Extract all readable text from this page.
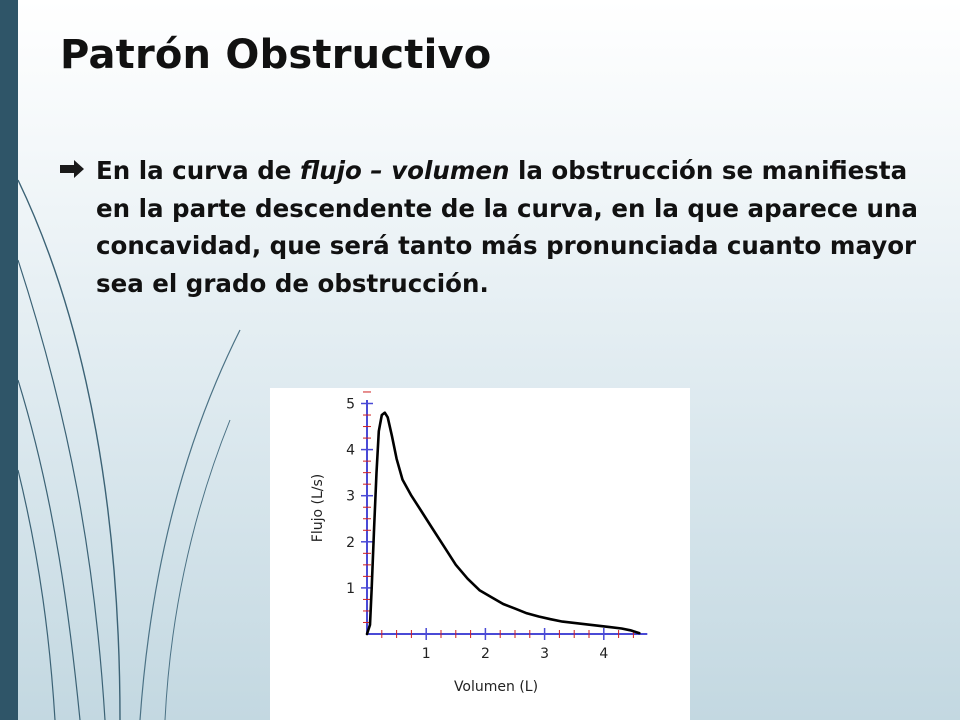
Patrón Obstructivo
En la curva de flujo – volumen la obstrucción se manifiesta en la parte descendente de la curva, en la que aparece una concavidad, que será tanto más pronunciada cuanto mayor sea el grado de obstrucción.
1	2	3	4
1
2
3
4
5
Volumen (L)
Flujo (L/s)
